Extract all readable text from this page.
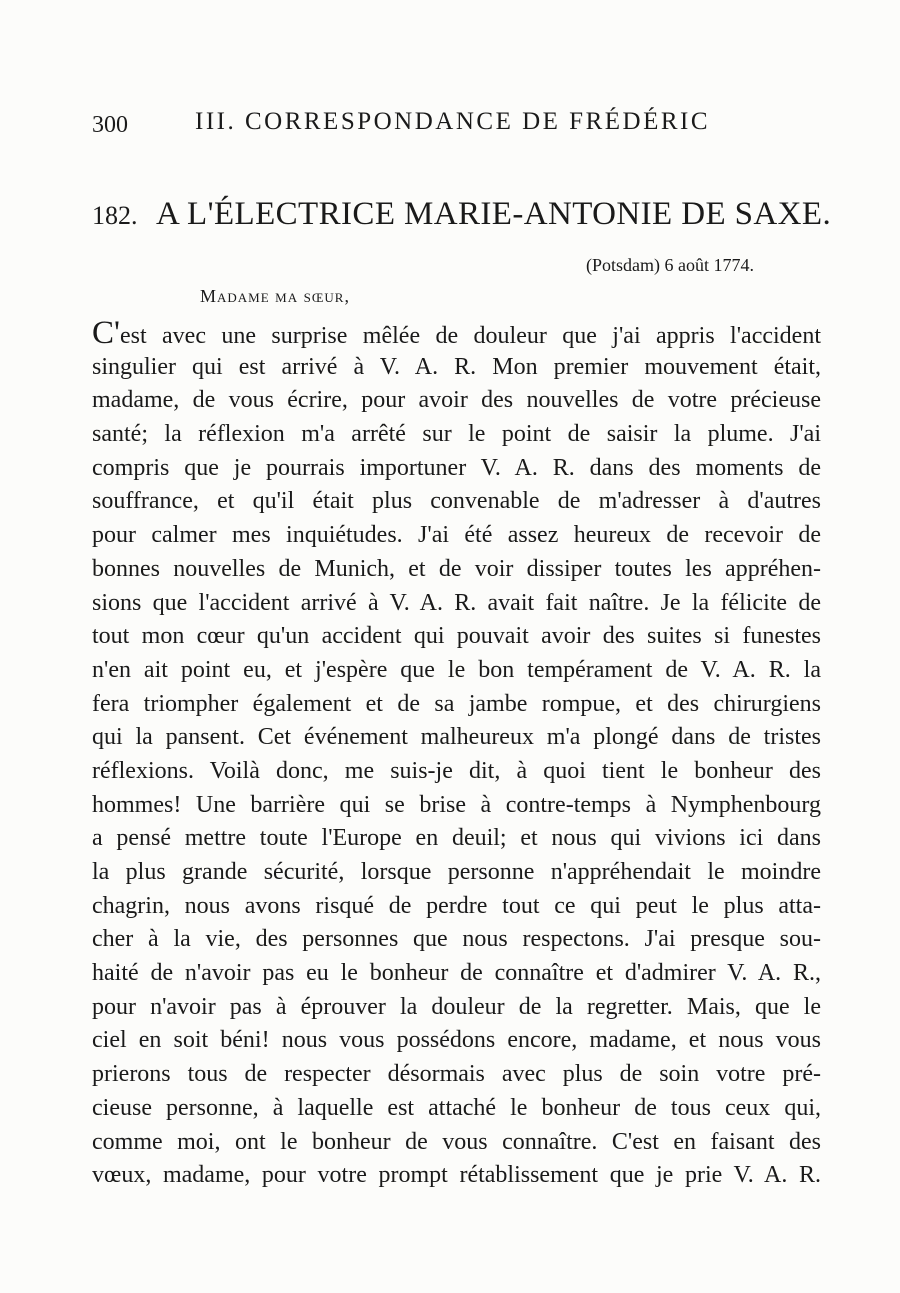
300	III. CORRESPONDANCE DE FRÉDÉRIC
182. A L'ÉLECTRICE MARIE-ANTONIE DE SAXE.
(Potsdam) 6 août 1774.
Madame ma sœur,
C'est avec une surprise mêlée de douleur que j'ai appris l'accident
singulier qui est arrivé à V. A. R. Mon premier mouvement était,
madame, de vous écrire, pour avoir des nouvelles de votre précieuse
santé; la réflexion m'a arrêté sur le point de saisir la plume. J'ai
compris que je pourrais importuner V. A. R. dans des moments de
souffrance, et qu'il était plus convenable de m'adresser à d'autres
pour calmer mes inquiétudes. J'ai été assez heureux de recevoir de
bonnes nouvelles de Munich, et de voir dissiper toutes les appréhen-
sions que l'accident arrivé à V. A. R. avait fait naître. Je la félicite de
tout mon cœur qu'un accident qui pouvait avoir des suites si funestes
n'en ait point eu, et j'espère que le bon tempérament de V. A. R. la
fera triompher également et de sa jambe rompue, et des chirurgiens
qui la pansent. Cet événement malheureux m'a plongé dans de tristes
réflexions. Voilà donc, me suis-je dit, à quoi tient le bonheur des
hommes! Une barrière qui se brise à contre-temps à Nymphenbourg
a pensé mettre toute l'Europe en deuil; et nous qui vivions ici dans
la plus grande sécurité, lorsque personne n'appréhendait le moindre
chagrin, nous avons risqué de perdre tout ce qui peut le plus atta-
cher à la vie, des personnes que nous respectons. J'ai presque sou-
haité de n'avoir pas eu le bonheur de connaître et d'admirer V. A. R.,
pour n'avoir pas à éprouver la douleur de la regretter. Mais, que le
ciel en soit béni! nous vous possédons encore, madame, et nous vous
prierons tous de respecter désormais avec plus de soin votre pré-
cieuse personne, à laquelle est attaché le bonheur de tous ceux qui,
comme moi, ont le bonheur de vous connaître. C'est en faisant des
vœux, madame, pour votre prompt rétablissement que je prie V. A. R.
